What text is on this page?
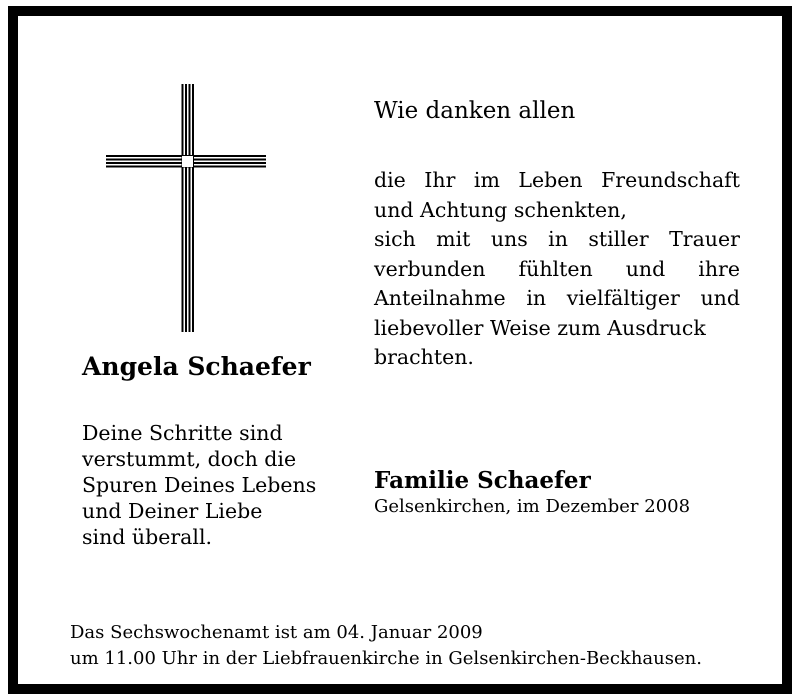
Angela Schaefer
Deine Schritte sind
verstummt, doch die
Spuren Deines Lebens
und Deiner Liebe
sind überall.
Wie danken allen
die Ihr im Leben Freundschaft
und Achtung schenkten,
sich mit uns in stiller Trauer
verbunden fühlten und ihre
Anteilnahme in vielfältiger und
liebevoller Weise zum Ausdruck
brachten.
Familie Schaefer
Gelsenkirchen, im Dezember 2008
Das Sechswochenamt ist am 04. Januar 2009
um 11.00 Uhr in der Liebfrauenkirche in Gelsenkirchen-Beckhausen.
